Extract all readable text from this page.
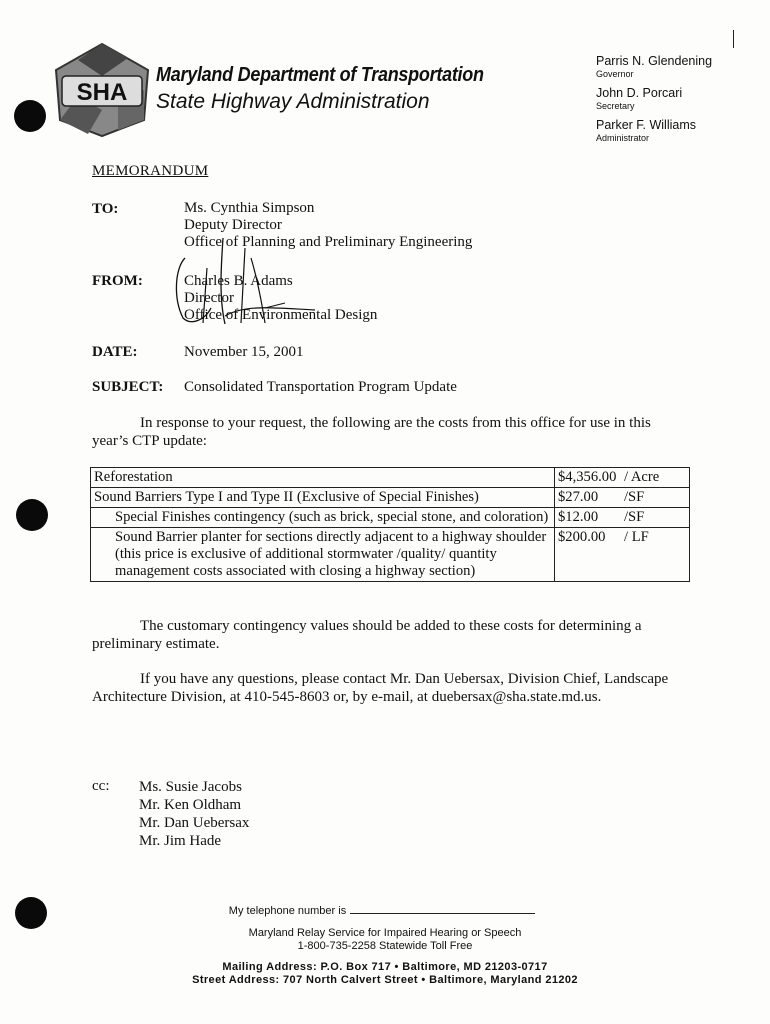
SHA
Maryland Department of Transportation
State Highway Administration
Parris N. Glendening
Governor
John D. Porcari
Secretary
Parker F. Williams
Administrator
MEMORANDUM
TO:	Ms. Cynthia Simpson
Deputy Director
Office of Planning and Preliminary Engineering
FROM:	Charles B. Adams
Director
Office of Environmental Design
DATE:	November 15, 2001
SUBJECT: Consolidated Transportation Program Update
In response to your request, the following are the costs from this office for use in this year’s CTP update:
Reforestation	$4,356.00 / Acre
Sound Barriers Type I and Type II (Exclusive of Special Finishes)	$27.00 /SF
Special Finishes contingency (such as brick, special stone, and coloration)	$12.00 /SF
Sound Barrier planter for sections directly adjacent to a highway shoulder (this price is exclusive of additional stormwater /quality/ quantity management costs associated with closing a highway section)	$200.00 / LF
The customary contingency values should be added to these costs for determining a preliminary estimate.
If you have any questions, please contact Mr. Dan Uebersax, Division Chief, Landscape Architecture Division, at 410-545-8603 or, by e-mail, at duebersax@sha.state.md.us.
cc: Ms. Susie Jacobs
Mr. Ken Oldham
Mr. Dan Uebersax
Mr. Jim Hade
My telephone number is
Maryland Relay Service for Impaired Hearing or Speech
1-800-735-2258 Statewide Toll Free
Mailing Address: P.O. Box 717 • Baltimore, MD 21203-0717
Street Address: 707 North Calvert Street • Baltimore, Maryland 21202
